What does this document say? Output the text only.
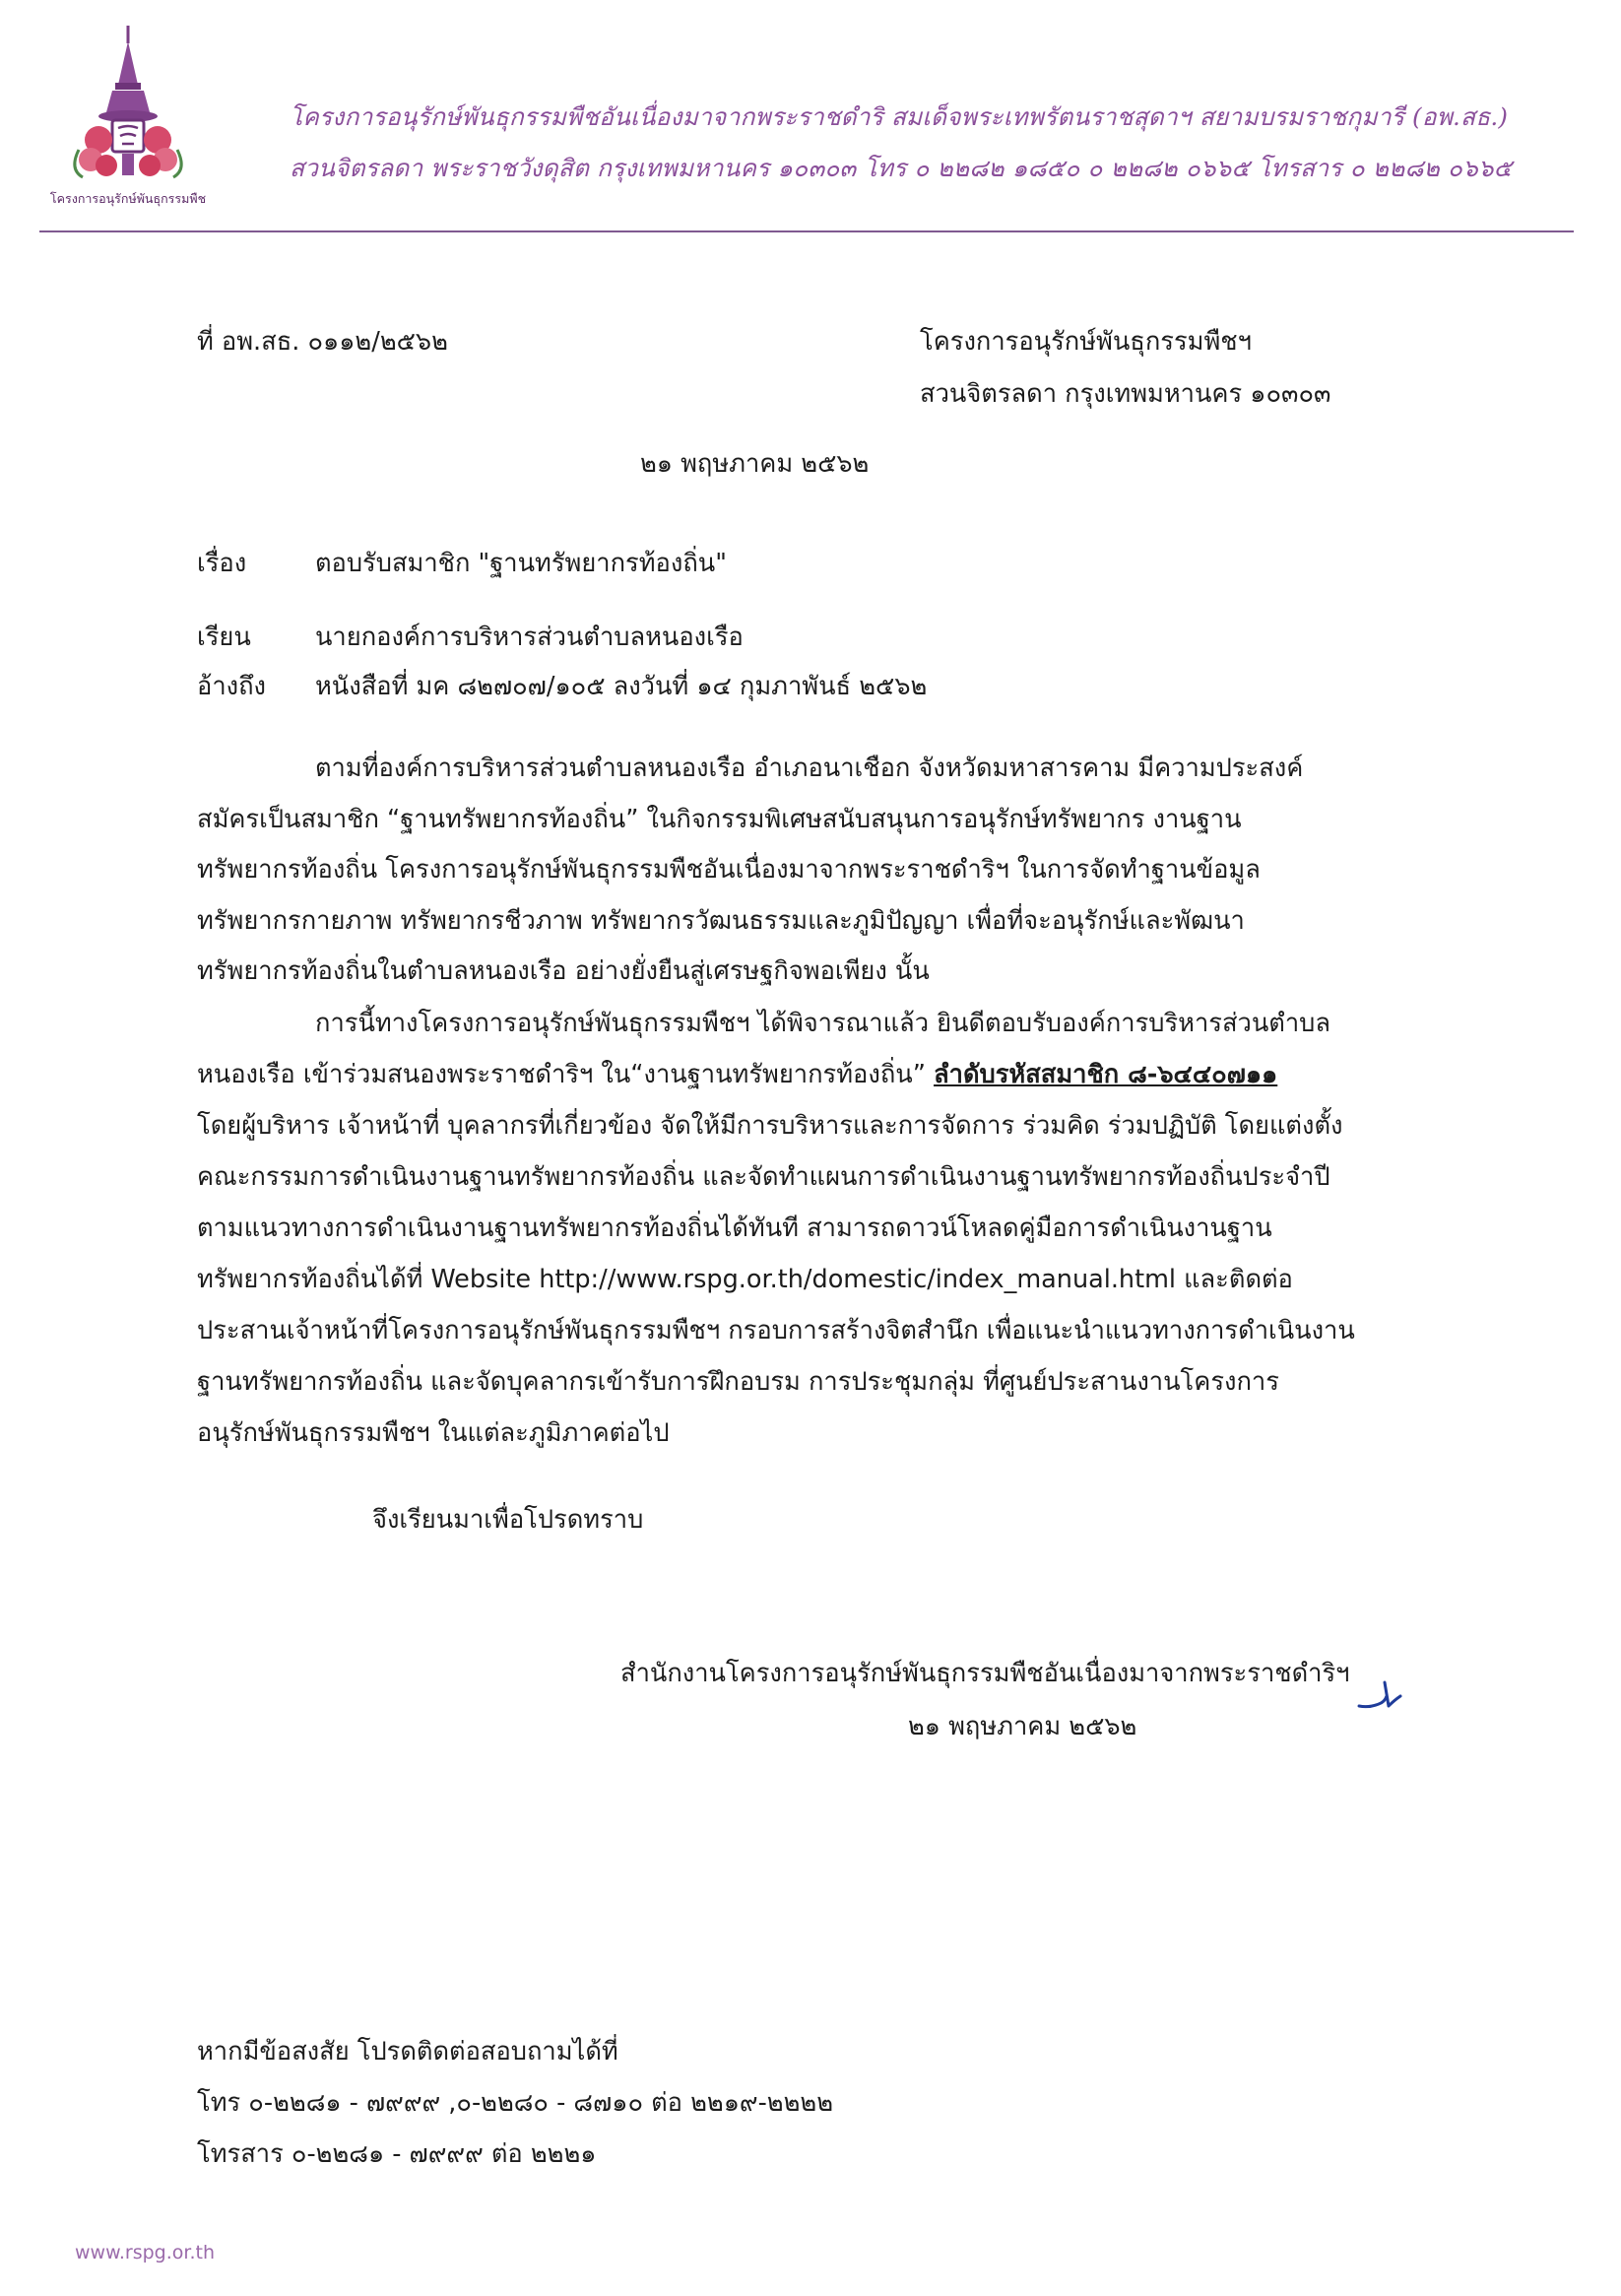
โครงการอนุรักษ์พันธุกรรมพืช
โครงการอนุรักษ์พันธุกรรมพืชอันเนื่องมาจากพระราชดำริ สมเด็จพระเทพรัตนราชสุดาฯ สยามบรมราชกุมารี (อพ.สธ.)
สวนจิตรลดา พระราชวังดุสิต กรุงเทพมหานคร ๑๐๓๐๓ โทร ๐ ๒๒๘๒ ๑๘๕๐ ๐ ๒๒๘๒ ๐๖๖๕ โทรสาร ๐ ๒๒๘๒ ๐๖๖๕
ที่ อพ.สธ. ๐๑๑๒/๒๕๖๒	โครงการอนุรักษ์พันธุกรรมพืชฯ
สวนจิตรลดา กรุงเทพมหานคร ๑๐๓๐๓
๒๑ พฤษภาคม ๒๕๖๒
เรื่อง	ตอบรับสมาชิก "ฐานทรัพยากรท้องถิ่น"
เรียน	นายกองค์การบริหารส่วนตำบลหนองเรือ
อ้างถึง หนังสือที่ มค ๘๒๗๐๗/๑๐๕ ลงวันที่ ๑๔ กุมภาพันธ์ ๒๕๖๒
ตามที่องค์การบริหารส่วนตำบลหนองเรือ อำเภอนาเชือก จังหวัดมหาสารคาม มีความประสงค์
สมัครเป็นสมาชิก “ฐานทรัพยากรท้องถิ่น” ในกิจกรรมพิเศษสนับสนุนการอนุรักษ์ทรัพยากร งานฐาน
ทรัพยากรท้องถิ่น โครงการอนุรักษ์พันธุกรรมพืชอันเนื่องมาจากพระราชดำริฯ ในการจัดทำฐานข้อมูล
ทรัพยากรกายภาพ ทรัพยากรชีวภาพ ทรัพยากรวัฒนธรรมและภูมิปัญญา เพื่อที่จะอนุรักษ์และพัฒนา
ทรัพยากรท้องถิ่นในตำบลหนองเรือ อย่างยั่งยืนสู่เศรษฐกิจพอเพียง นั้น
การนี้ทางโครงการอนุรักษ์พันธุกรรมพืชฯ ได้พิจารณาแล้ว ยินดีตอบรับองค์การบริหารส่วนตำบล
หนองเรือ เข้าร่วมสนองพระราชดำริฯ ใน“งานฐานทรัพยากรท้องถิ่น” ลำดับรหัสสมาชิก ๘-๖๔๔๐๗๑๑
โดยผู้บริหาร เจ้าหน้าที่ บุคลากรที่เกี่ยวข้อง จัดให้มีการบริหารและการจัดการ ร่วมคิด ร่วมปฏิบัติ โดยแต่งตั้ง
คณะกรรมการดำเนินงานฐานทรัพยากรท้องถิ่น และจัดทำแผนการดำเนินงานฐานทรัพยากรท้องถิ่นประจำปี
ตามแนวทางการดำเนินงานฐานทรัพยากรท้องถิ่นได้ทันที สามารถดาวน์โหลดคู่มือการดำเนินงานฐาน
ทรัพยากรท้องถิ่นได้ที่ Website http://www.rspg.or.th/domestic/index_manual.html และติดต่อ
ประสานเจ้าหน้าที่โครงการอนุรักษ์พันธุกรรมพืชฯ กรอบการสร้างจิตสำนึก เพื่อแนะนำแนวทางการดำเนินงาน
ฐานทรัพยากรท้องถิ่น และจัดบุคลากรเข้ารับการฝึกอบรม การประชุมกลุ่ม ที่ศูนย์ประสานงานโครงการ
อนุรักษ์พันธุกรรมพืชฯ ในแต่ละภูมิภาคต่อไป
จึงเรียนมาเพื่อโปรดทราบ
สำนักงานโครงการอนุรักษ์พันธุกรรมพืชอันเนื่องมาจากพระราชดำริฯ
๒๑ พฤษภาคม ๒๕๖๒
หากมีข้อสงสัย โปรดติดต่อสอบถามได้ที่
โทร ๐-๒๒๘๑ - ๗๙๙๙ ,๐-๒๒๘๐ - ๘๗๑๐ ต่อ ๒๒๑๙-๒๒๒๒
โทรสาร ๐-๒๒๘๑ - ๗๙๙๙ ต่อ ๒๒๒๑
www.rspg.or.th
